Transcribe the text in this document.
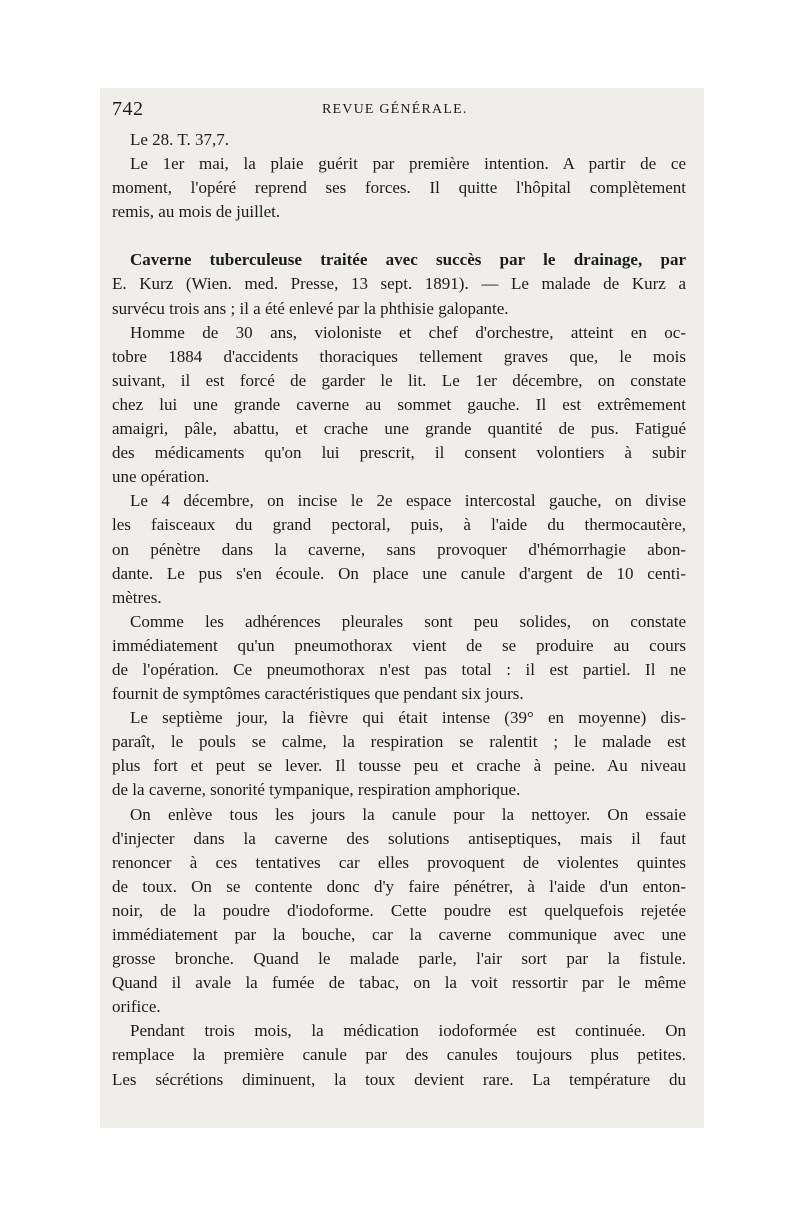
742	REVUE GÉNÉRALE.
Le 28. T. 37,7.
Le 1er mai, la plaie guérit par première intention. A partir de ce
moment, l'opéré reprend ses forces. Il quitte l'hôpital complètement
remis, au mois de juillet.
Caverne tuberculeuse traitée avec succès par le drainage, par
E. Kurz (Wien. med. Presse, 13 sept. 1891). — Le malade de Kurz a
survécu trois ans ; il a été enlevé par la phthisie galopante.
Homme de 30 ans, violoniste et chef d'orchestre, atteint en oc-
tobre 1884 d'accidents thoraciques tellement graves que, le mois
suivant, il est forcé de garder le lit. Le 1er décembre, on constate
chez lui une grande caverne au sommet gauche. Il est extrêmement
amaigri, pâle, abattu, et crache une grande quantité de pus. Fatigué
des médicaments qu'on lui prescrit, il consent volontiers à subir
une opération.
Le 4 décembre, on incise le 2e espace intercostal gauche, on divise
les faisceaux du grand pectoral, puis, à l'aide du thermocautère,
on pénètre dans la caverne, sans provoquer d'hémorrhagie abon-
dante. Le pus s'en écoule. On place une canule d'argent de 10 centi-
mètres.
Comme les adhérences pleurales sont peu solides, on constate
immédiatement qu'un pneumothorax vient de se produire au cours
de l'opération. Ce pneumothorax n'est pas total : il est partiel. Il ne
fournit de symptômes caractéristiques que pendant six jours.
Le septième jour, la fièvre qui était intense (39° en moyenne) dis-
paraît, le pouls se calme, la respiration se ralentit ; le malade est
plus fort et peut se lever. Il tousse peu et crache à peine. Au niveau
de la caverne, sonorité tympanique, respiration amphorique.
On enlève tous les jours la canule pour la nettoyer. On essaie
d'injecter dans la caverne des solutions antiseptiques, mais il faut
renoncer à ces tentatives car elles provoquent de violentes quintes
de toux. On se contente donc d'y faire pénétrer, à l'aide d'un enton-
noir, de la poudre d'iodoforme. Cette poudre est quelquefois rejetée
immédiatement par la bouche, car la caverne communique avec une
grosse bronche. Quand le malade parle, l'air sort par la fistule.
Quand il avale la fumée de tabac, on la voit ressortir par le même
orifice.
Pendant trois mois, la médication iodoformée est continuée. On
remplace la première canule par des canules toujours plus petites.
Les sécrétions diminuent, la toux devient rare. La température du
